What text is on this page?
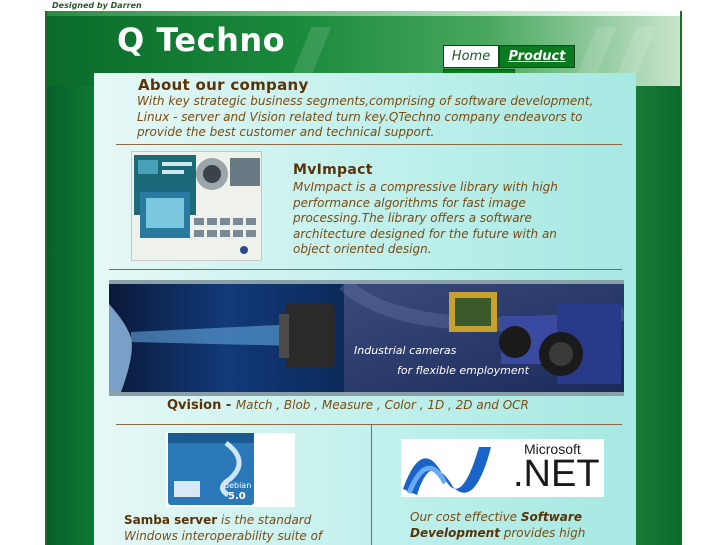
Designed by Darren
Q Techno	Home	Product
About our company
With key strategic business segments,comprising of software development, Linux - server and Vision related turn key.QTechno company endeavors to provide the best customer and technical support.
MvImpact
MvImpact is a compressive library with high performance algorithms for fast image processing.The library offers a software architecture designed for the future with an object oriented design.
Industrial cameras
for flexible employment
Qvision - Match , Blob , Measure , Color , 1D , 2D and OCR
debian
5.0
Samba server is the standard Windows interoperability suite of
Microsoft
.NET
Our cost effective Software Development provides high
